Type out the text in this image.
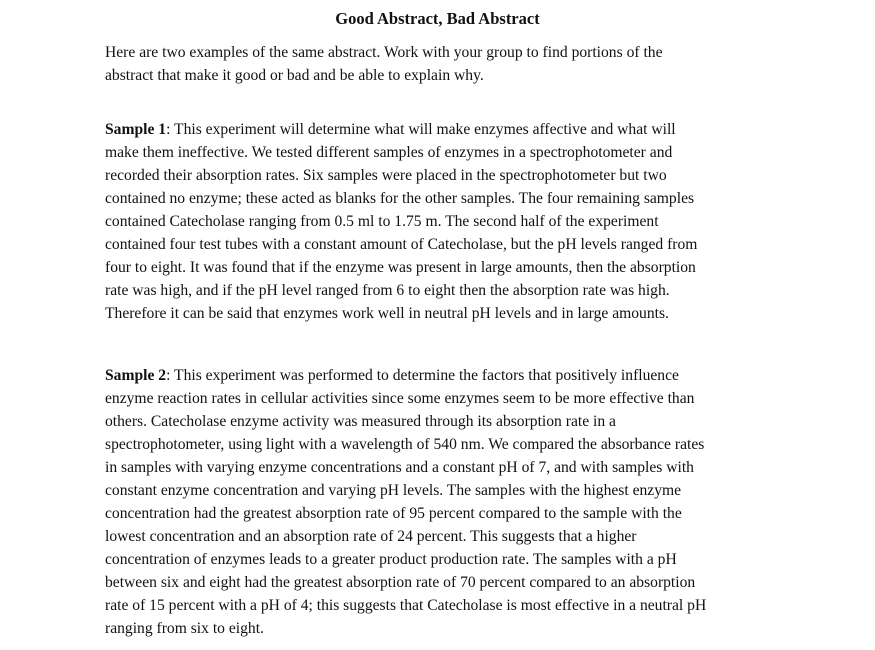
Good Abstract, Bad Abstract
Here are two examples of the same abstract. Work with your group to find portions of the
abstract that make it good or bad and be able to explain why.
Sample 1: This experiment will determine what will make enzymes affective and what will
make them ineffective. We tested different samples of enzymes in a spectrophotometer and
recorded their absorption rates. Six samples were placed in the spectrophotometer but two
contained no enzyme; these acted as blanks for the other samples. The four remaining samples
contained Catecholase ranging from 0.5 ml to 1.75 m. The second half of the experiment
contained four test tubes with a constant amount of Catecholase, but the pH levels ranged from
four to eight. It was found that if the enzyme was present in large amounts, then the absorption
rate was high, and if the pH level ranged from 6 to eight then the absorption rate was high.
Therefore it can be said that enzymes work well in neutral pH levels and in large amounts.
Sample 2: This experiment was performed to determine the factors that positively influence
enzyme reaction rates in cellular activities since some enzymes seem to be more effective than
others. Catecholase enzyme activity was measured through its absorption rate in a
spectrophotometer, using light with a wavelength of 540 nm. We compared the absorbance rates
in samples with varying enzyme concentrations and a constant pH of 7, and with samples with
constant enzyme concentration and varying pH levels. The samples with the highest enzyme
concentration had the greatest absorption rate of 95 percent compared to the sample with the
lowest concentration and an absorption rate of 24 percent. This suggests that a higher
concentration of enzymes leads to a greater product production rate. The samples with a pH
between six and eight had the greatest absorption rate of 70 percent compared to an absorption
rate of 15 percent with a pH of 4; this suggests that Catecholase is most effective in a neutral pH
ranging from six to eight.
